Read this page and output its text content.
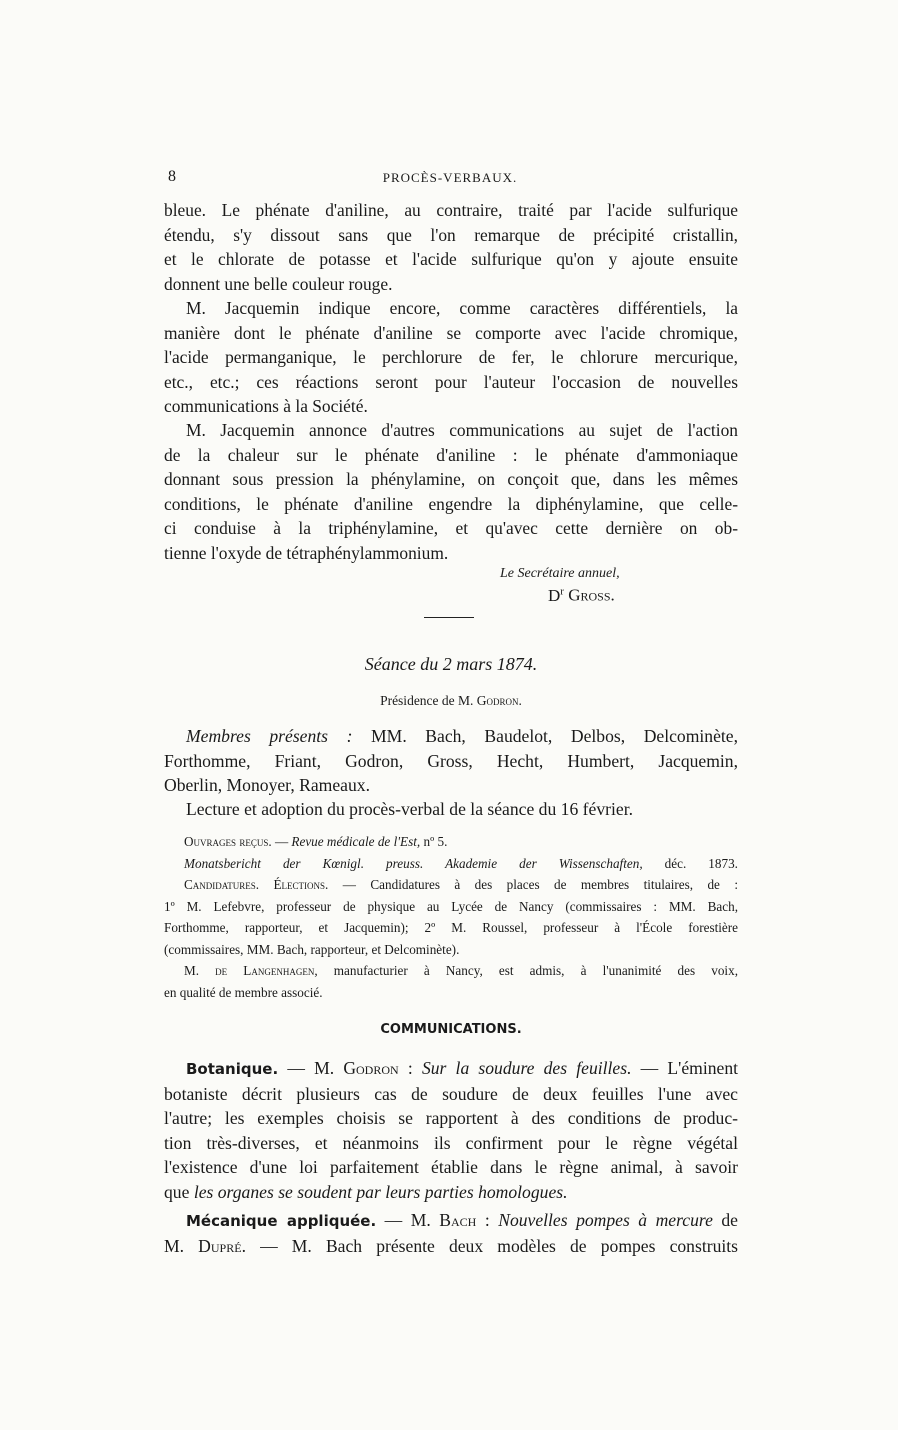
8	PROCÈS-VERBAUX.
bleue. Le phénate d'aniline, au contraire, traité par l'acide sulfurique
étendu, s'y dissout sans que l'on remarque de précipité cristallin,
et le chlorate de potasse et l'acide sulfurique qu'on y ajoute ensuite
donnent une belle couleur rouge.
M. Jacquemin indique encore, comme caractères différentiels, la
manière dont le phénate d'aniline se comporte avec l'acide chromique,
l'acide permanganique, le perchlorure de fer, le chlorure mercurique,
etc., etc.; ces réactions seront pour l'auteur l'occasion de nouvelles
communications à la Société.
M. Jacquemin annonce d'autres communications au sujet de l'action
de la chaleur sur le phénate d'aniline : le phénate d'ammoniaque
donnant sous pression la phénylamine, on conçoit que, dans les mêmes
conditions, le phénate d'aniline engendre la diphénylamine, que celle-
ci conduise à la triphénylamine, et qu'avec cette dernière on ob-
tienne l'oxyde de tétraphénylammonium.
Le Secrétaire annuel,
$D^r$ Gross.
Séance du 2 mars 1874.
Présidence de M. Godron.
Membres présents : MM. Bach, Baudelot, Delbos, Delcominète,
Forthomme, Friant, Godron, Gross, Hecht, Humbert, Jacquemin,
Oberlin, Monoyer, Rameaux.
Lecture et adoption du procès-verbal de la séance du 16 février.
Ouvrages reçus. — Revue médicale de l'Est, nº 5.
Monatsbericht der Kœnigl. preuss. Akademie der Wissenschaften, déc. 1873.
Candidatures. Élections. — Candidatures à des places de membres titulaires, de :
1º M. Lefebvre, professeur de physique au Lycée de Nancy (commissaires : MM. Bach,
Forthomme, rapporteur, et Jacquemin); 2º M. Roussel, professeur à l'École forestière
(commissaires, MM. Bach, rapporteur, et Delcominète).
M. de Langenhagen, manufacturier à Nancy, est admis, à l'unanimité des voix,
en qualité de membre associé.
COMMUNICATIONS.
Botanique. — M. Godron : Sur la soudure des feuilles. — L'éminent
botaniste décrit plusieurs cas de soudure de deux feuilles l'une avec
l'autre; les exemples choisis se rapportent à des conditions de produc-
tion très-diverses, et néanmoins ils confirment pour le règne végétal
l'existence d'une loi parfaitement établie dans le règne animal, à savoir
que les organes se soudent par leurs parties homologues.
Mécanique appliquée. — M. Bach : Nouvelles pompes à mercure de
M. Dupré. — M. Bach présente deux modèles de pompes construits
